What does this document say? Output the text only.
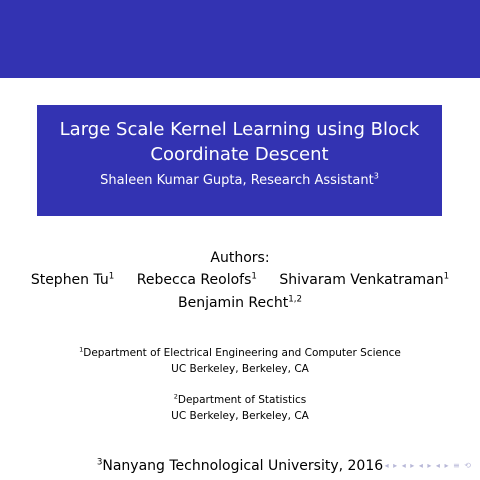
Large Scale Kernel Learning using Block
Coordinate Descent
Shaleen Kumar Gupta, Research Assistant$^3$
Authors:
Stephen Tu$^1$ Rebecca Reolofs$^1$ Shivaram Venkatraman$^1$
Benjamin Recht$^{1,2}$
$^1$Department of Electrical Engineering and Computer Science
UC Berkeley, Berkeley, CA
$^2$Department of Statistics
UC Berkeley, Berkeley, CA
$^3$Nanyang Technological University, 2016 ◂ ▸ ◂ ▸ ◂ ▸ ◂ ▸ ≡ ⟲
